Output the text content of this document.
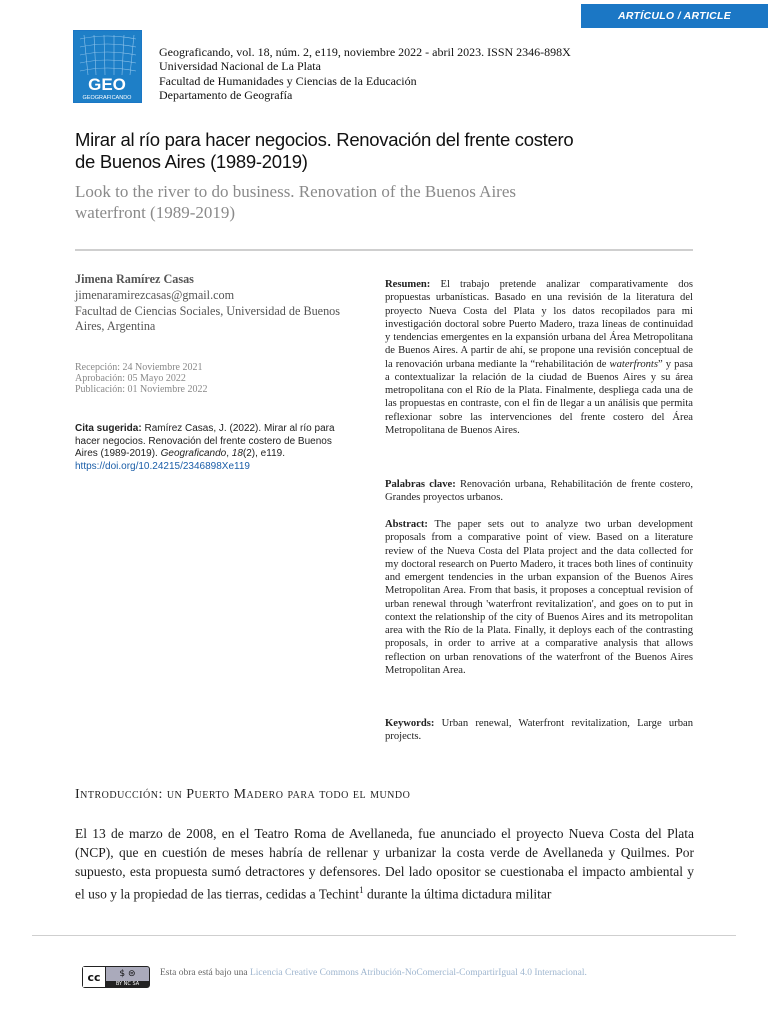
ARTÍCULO / ARTICLE
GEO
GEOGRAFICANDO
Geograficando, vol. 18, núm. 2, e119, noviembre 2022 - abril 2023. ISSN 2346-898X
Universidad Nacional de La Plata
Facultad de Humanidades y Ciencias de la Educación
Departamento de Geografía
Mirar al río para hacer negocios. Renovación del frente costero
de Buenos Aires (1989-2019)
Look to the river to do business. Renovation of the Buenos Aires
waterfront (1989-2019)
Jimena Ramírez Casas
jimenaramirezcasas@gmail.com
Facultad de Ciencias Sociales, Universidad de Buenos
Aires, Argentina
Recepción: 24 Noviembre 2021
Aprobación: 05 Mayo 2022
Publicación: 01 Noviembre 2022
Cita sugerida: Ramírez Casas, J. (2022). Mirar al río para hacer negocios. Renovación del frente costero de Buenos Aires (1989-2019). Geograficando, 18(2), e119.
https://doi.org/10.24215/2346898Xe119
Resumen: El trabajo pretende analizar comparativamente dos propuestas urbanísticas. Basado en una revisión de la literatura del proyecto Nueva Costa del Plata y los datos recopilados para mi investigación doctoral sobre Puerto Madero, traza líneas de continuidad y tendencias emergentes en la expansión urbana del Área Metropolitana de Buenos Aires. A partir de ahí, se propone una revisión conceptual de la renovación urbana mediante la “rehabilitación de waterfronts” y pasa a contextualizar la relación de la ciudad de Buenos Aires y su área metropolitana con el Río de la Plata. Finalmente, despliega cada una de las propuestas en contraste, con el fin de llegar a un análisis que permita reflexionar sobre las intervenciones del frente costero del Área Metropolitana de Buenos Aires.
Palabras clave: Renovación urbana, Rehabilitación de frente costero, Grandes proyectos urbanos.
Abstract: The paper sets out to analyze two urban development proposals from a comparative point of view. Based on a literature review of the Nueva Costa del Plata project and the data collected for my doctoral research on Puerto Madero, it traces both lines of continuity and emergent tendencies in the urban expansion of the Buenos Aires Metropolitan Area. From that basis, it proposes a conceptual revision of urban renewal through 'waterfront revitalization', and goes on to put in context the relationship of the city of Buenos Aires and its metropolitan area with the Río de la Plata. Finally, it deploys each of the contrasting proposals, in order to arrive at a comparative analysis that allows reflection on urban renovations of the waterfront of the Buenos Aires Metropolitan Area.
Keywords: Urban renewal, Waterfront revitalization, Large urban projects.
Introducción: un Puerto Madero para todo el mundo
El 13 de marzo de 2008, en el Teatro Roma de Avellaneda, fue anunciado el proyecto Nueva Costa del Plata (NCP), que en cuestión de meses habría de rellenar y urbanizar la costa verde de Avellaneda y Quilmes. Por supuesto, esta propuesta sumó detractores y defensores. Del lado opositor se cuestionaba el impacto ambiental y el uso y la propiedad de las tierras, cedidas a Techint$^1$ durante la última dictadura militar
cc	$ ⊜
BY NC SA
Esta obra está bajo una Licencia Creative Commons Atribución-NoComercial-CompartirIgual 4.0 Internacional.
